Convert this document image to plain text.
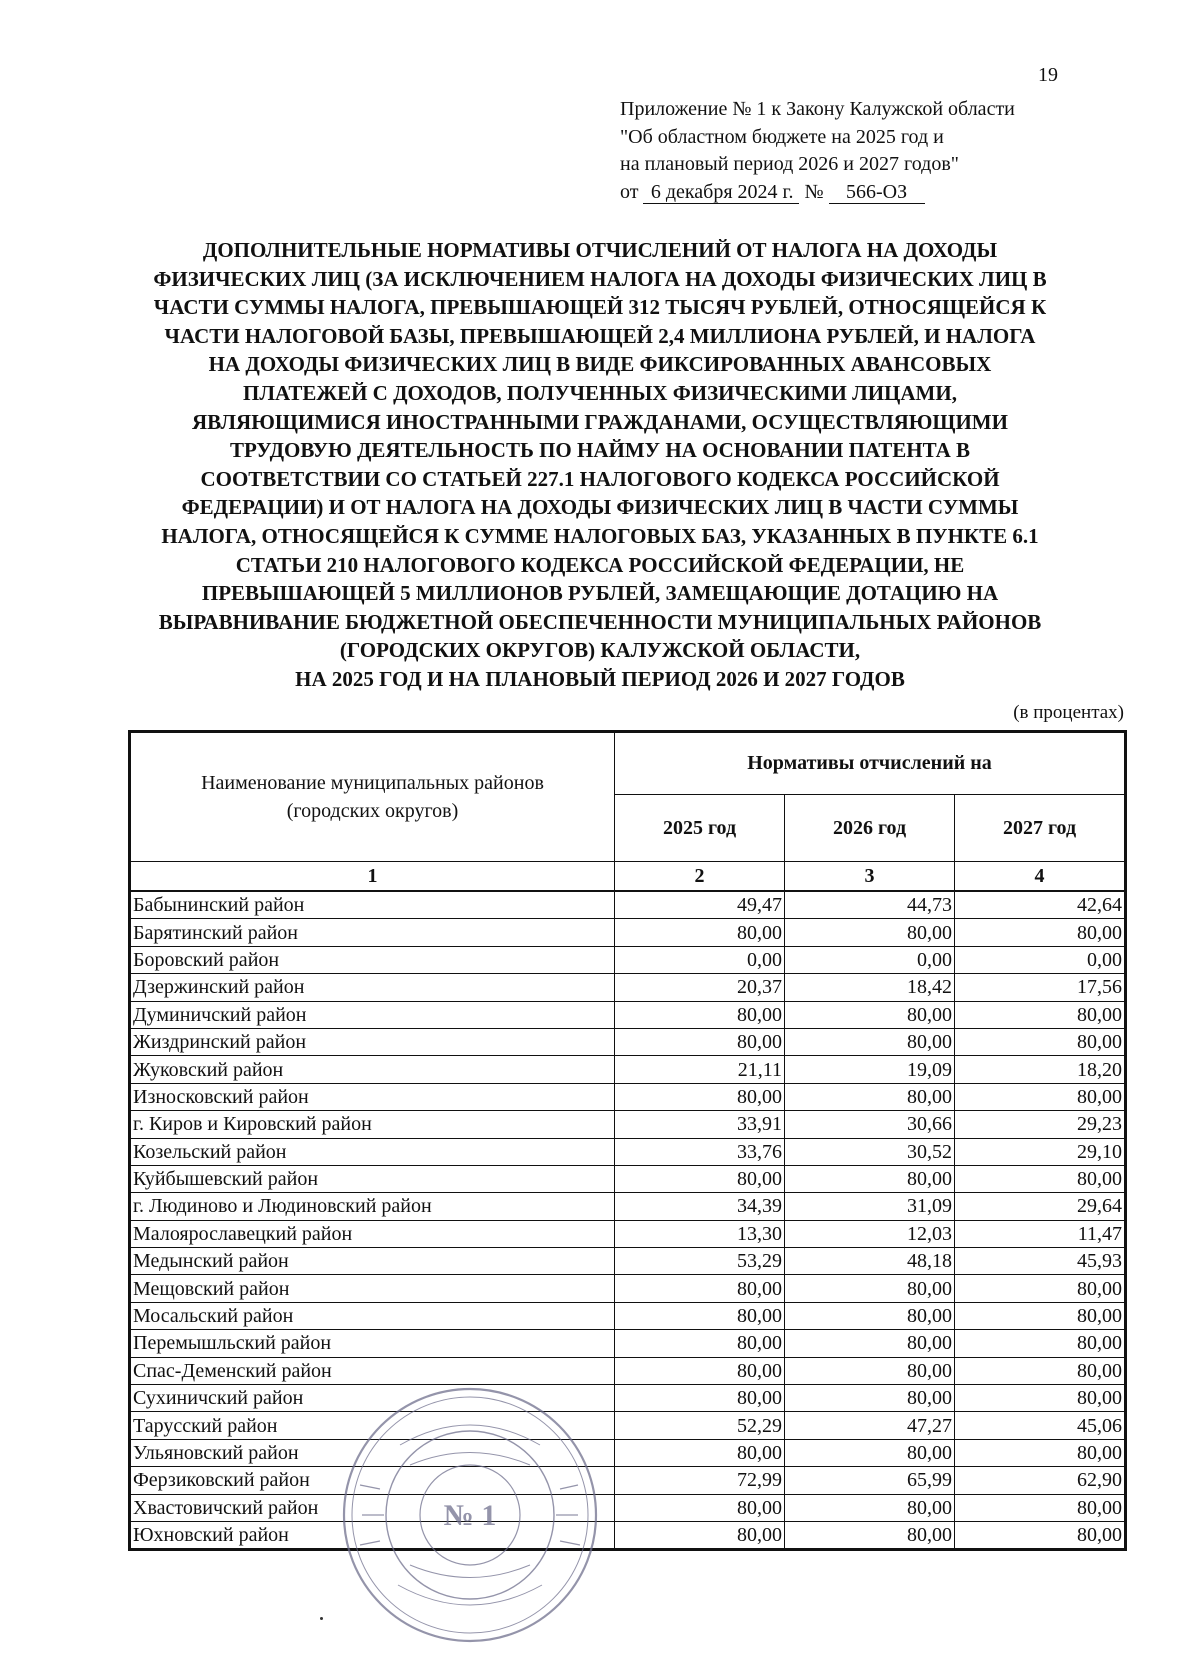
19
Приложение № 1 к Закону Калужской области
"Об областном бюджете на 2025 год и
на плановый период 2026 и 2027 годов"
от 6 декабря 2024 г. № 566-ОЗ
ДОПОЛНИТЕЛЬНЫЕ НОРМАТИВЫ ОТЧИСЛЕНИЙ ОТ НАЛОГА НА ДОХОДЫ
ФИЗИЧЕСКИХ ЛИЦ (ЗА ИСКЛЮЧЕНИЕМ НАЛОГА НА ДОХОДЫ ФИЗИЧЕСКИХ ЛИЦ В
ЧАСТИ СУММЫ НАЛОГА, ПРЕВЫШАЮЩЕЙ 312 ТЫСЯЧ РУБЛЕЙ, ОТНОСЯЩЕЙСЯ К
ЧАСТИ НАЛОГОВОЙ БАЗЫ, ПРЕВЫШАЮЩЕЙ 2,4 МИЛЛИОНА РУБЛЕЙ, И НАЛОГА
НА ДОХОДЫ ФИЗИЧЕСКИХ ЛИЦ В ВИДЕ ФИКСИРОВАННЫХ АВАНСОВЫХ
ПЛАТЕЖЕЙ С ДОХОДОВ, ПОЛУЧЕННЫХ ФИЗИЧЕСКИМИ ЛИЦАМИ,
ЯВЛЯЮЩИМИСЯ ИНОСТРАННЫМИ ГРАЖДАНАМИ, ОСУЩЕСТВЛЯЮЩИМИ
ТРУДОВУЮ ДЕЯТЕЛЬНОСТЬ ПО НАЙМУ НА ОСНОВАНИИ ПАТЕНТА В
СООТВЕТСТВИИ СО СТАТЬЕЙ 227.1 НАЛОГОВОГО КОДЕКСА РОССИЙСКОЙ
ФЕДЕРАЦИИ) И ОТ НАЛОГА НА ДОХОДЫ ФИЗИЧЕСКИХ ЛИЦ В ЧАСТИ СУММЫ
НАЛОГА, ОТНОСЯЩЕЙСЯ К СУММЕ НАЛОГОВЫХ БАЗ, УКАЗАННЫХ В ПУНКТЕ 6.1
СТАТЬИ 210 НАЛОГОВОГО КОДЕКСА РОССИЙСКОЙ ФЕДЕРАЦИИ, НЕ
ПРЕВЫШАЮЩЕЙ 5 МИЛЛИОНОВ РУБЛЕЙ, ЗАМЕЩАЮЩИЕ ДОТАЦИЮ НА
ВЫРАВНИВАНИЕ БЮДЖЕТНОЙ ОБЕСПЕЧЕННОСТИ МУНИЦИПАЛЬНЫХ РАЙОНОВ
(ГОРОДСКИХ ОКРУГОВ) КАЛУЖСКОЙ ОБЛАСТИ,
НА 2025 ГОД И НА ПЛАНОВЫЙ ПЕРИОД 2026 И 2027 ГОДОВ
(в процентах)
Наименование муниципальных районов
(городских округов)	Нормативы отчислений на		
	2025 год	2026 год	2027 год
1	2	3	4
Бабынинский район	49,47	44,73	42,64
Барятинский район	80,00	80,00	80,00
Боровский район	0,00	0,00	0,00
Дзержинский район	20,37	18,42	17,56
Думиничский район	80,00	80,00	80,00
Жиздринский район	80,00	80,00	80,00
Жуковский район	21,11	19,09	18,20
Износковский район	80,00	80,00	80,00
г. Киров и Кировский район	33,91	30,66	29,23
Козельский район	33,76	30,52	29,10
Куйбышевский район	80,00	80,00	80,00
г. Людиново и Людиновский район	34,39	31,09	29,64
Малоярославецкий район	13,30	12,03	11,47
Медынский район	53,29	48,18	45,93
Мещовский район	80,00	80,00	80,00
Мосальский район	80,00	80,00	80,00
Перемышльский район	80,00	80,00	80,00
Спас-Деменский район	80,00	80,00	80,00
Сухиничский район	80,00	80,00	80,00
Тарусский район	52,29	47,27	45,06
Ульяновский район	80,00	80,00	80,00
Ферзиковский район	72,99	65,99	62,90
Хвастовичский район	80,00	80,00	80,00
Юхновский район	80,00	80,00	80,00
№ 1
